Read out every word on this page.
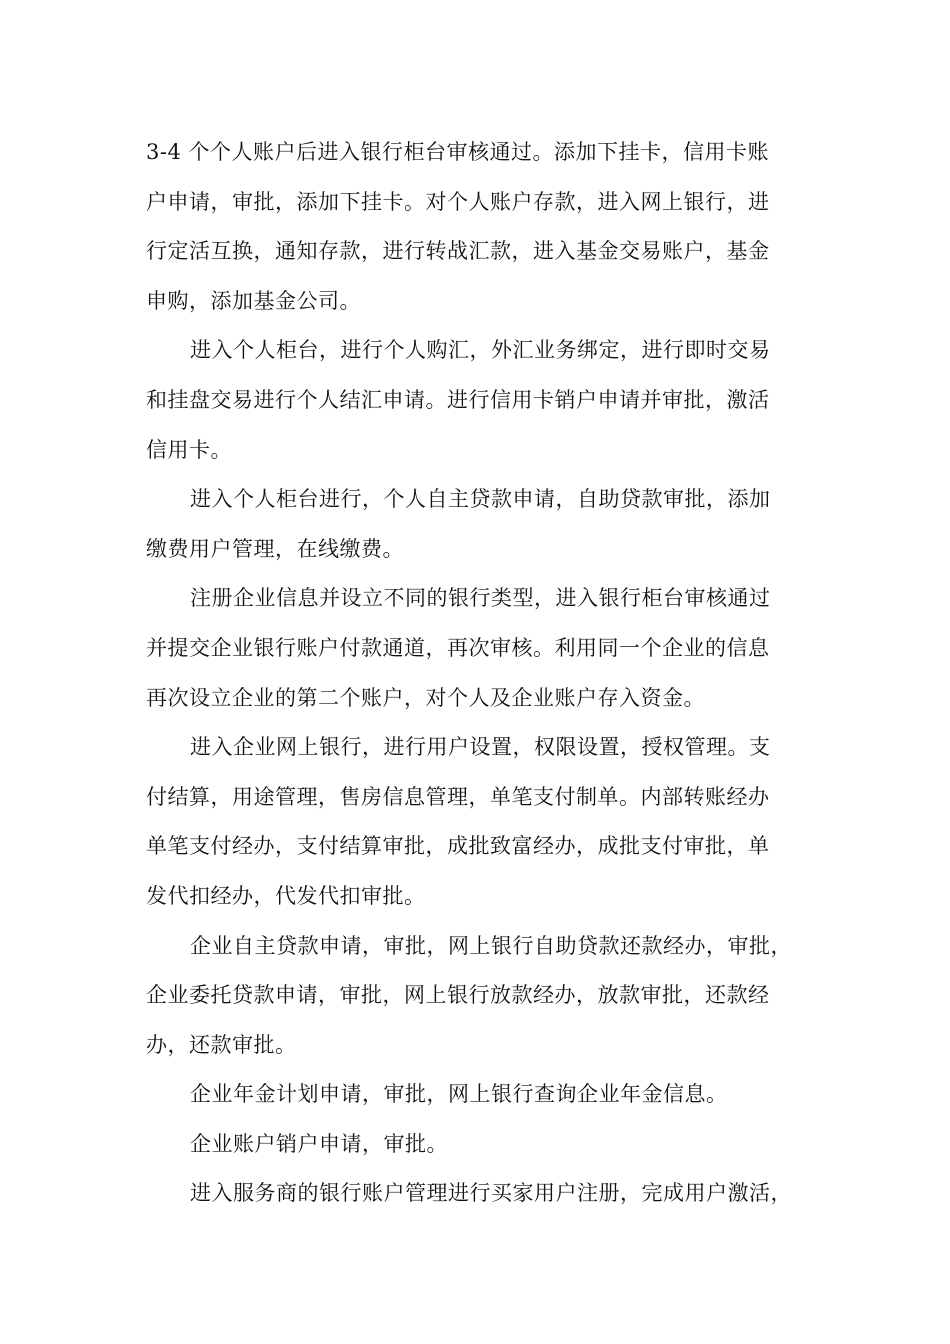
3-4 个个人账户后进入银行柜台审核通过。添加下挂卡，信用卡账
户申请，审批，添加下挂卡。对个人账户存款，进入网上银行，进
行定活互换，通知存款，进行转战汇款，进入基金交易账户，基金
申购，添加基金公司。
进入个人柜台，进行个人购汇，外汇业务绑定，进行即时交易
和挂盘交易进行个人结汇申请。进行信用卡销户申请并审批，激活
信用卡。
进入个人柜台进行，个人自主贷款申请，自助贷款审批，添加
缴费用户管理，在线缴费。
注册企业信息并设立不同的银行类型，进入银行柜台审核通过
并提交企业银行账户付款通道，再次审核。利用同一个企业的信息
再次设立企业的第二个账户，对个人及企业账户存入资金。
进入企业网上银行，进行用户设置，权限设置，授权管理。支
付结算，用途管理，售房信息管理，单笔支付制单。内部转账经办
单笔支付经办，支付结算审批，成批致富经办，成批支付审批，单
发代扣经办，代发代扣审批。
企业自主贷款申请，审批，网上银行自助贷款还款经办，审批，
企业委托贷款申请，审批，网上银行放款经办，放款审批，还款经
办，还款审批。
企业年金计划申请，审批，网上银行查询企业年金信息。
企业账户销户申请，审批。
进入服务商的银行账户管理进行买家用户注册，完成用户激活，
